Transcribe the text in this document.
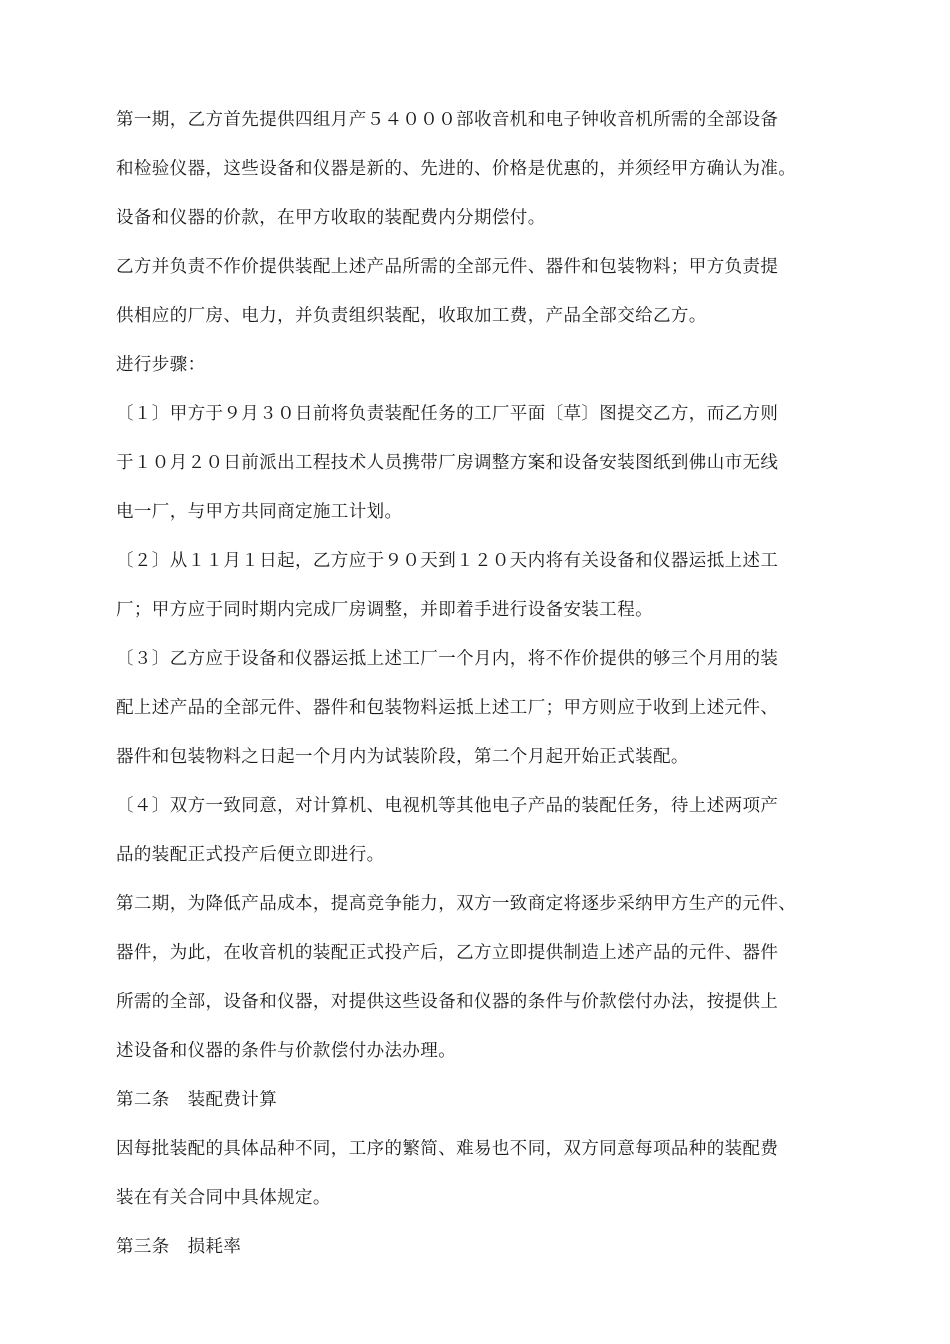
第一期，乙方首先提供四组月产５４０００部收音机和电子钟收音机所需的全部设备
和检验仪器，这些设备和仪器是新的、先进的、价格是优惠的，并须经甲方确认为准。
设备和仪器的价款，在甲方收取的装配费内分期偿付。
乙方并负责不作价提供装配上述产品所需的全部元件、器件和包装物料；甲方负责提
供相应的厂房、电力，并负责组织装配，收取加工费，产品全部交给乙方。
进行步骤：
〔１〕甲方于９月３０日前将负责装配任务的工厂平面〔草〕图提交乙方，而乙方则
于１０月２０日前派出工程技术人员携带厂房调整方案和设备安装图纸到佛山市无线
电一厂，与甲方共同商定施工计划。
〔２〕从１１月１日起，乙方应于９０天到１２０天内将有关设备和仪器运抵上述工
厂；甲方应于同时期内完成厂房调整，并即着手进行设备安装工程。
〔３〕乙方应于设备和仪器运抵上述工厂一个月内，将不作价提供的够三个月用的装
配上述产品的全部元件、器件和包装物料运抵上述工厂；甲方则应于收到上述元件、
器件和包装物料之日起一个月内为试装阶段，第二个月起开始正式装配。
〔４〕双方一致同意，对计算机、电视机等其他电子产品的装配任务，待上述两项产
品的装配正式投产后便立即进行。
第二期，为降低产品成本，提高竞争能力，双方一致商定将逐步采纳甲方生产的元件、
器件，为此，在收音机的装配正式投产后，乙方立即提供制造上述产品的元件、器件
所需的全部，设备和仪器，对提供这些设备和仪器的条件与价款偿付办法，按提供上
述设备和仪器的条件与价款偿付办法办理。
第二条　装配费计算
因每批装配的具体品种不同，工序的繁简、难易也不同，双方同意每项品种的装配费
装在有关合同中具体规定。
第三条　损耗率
